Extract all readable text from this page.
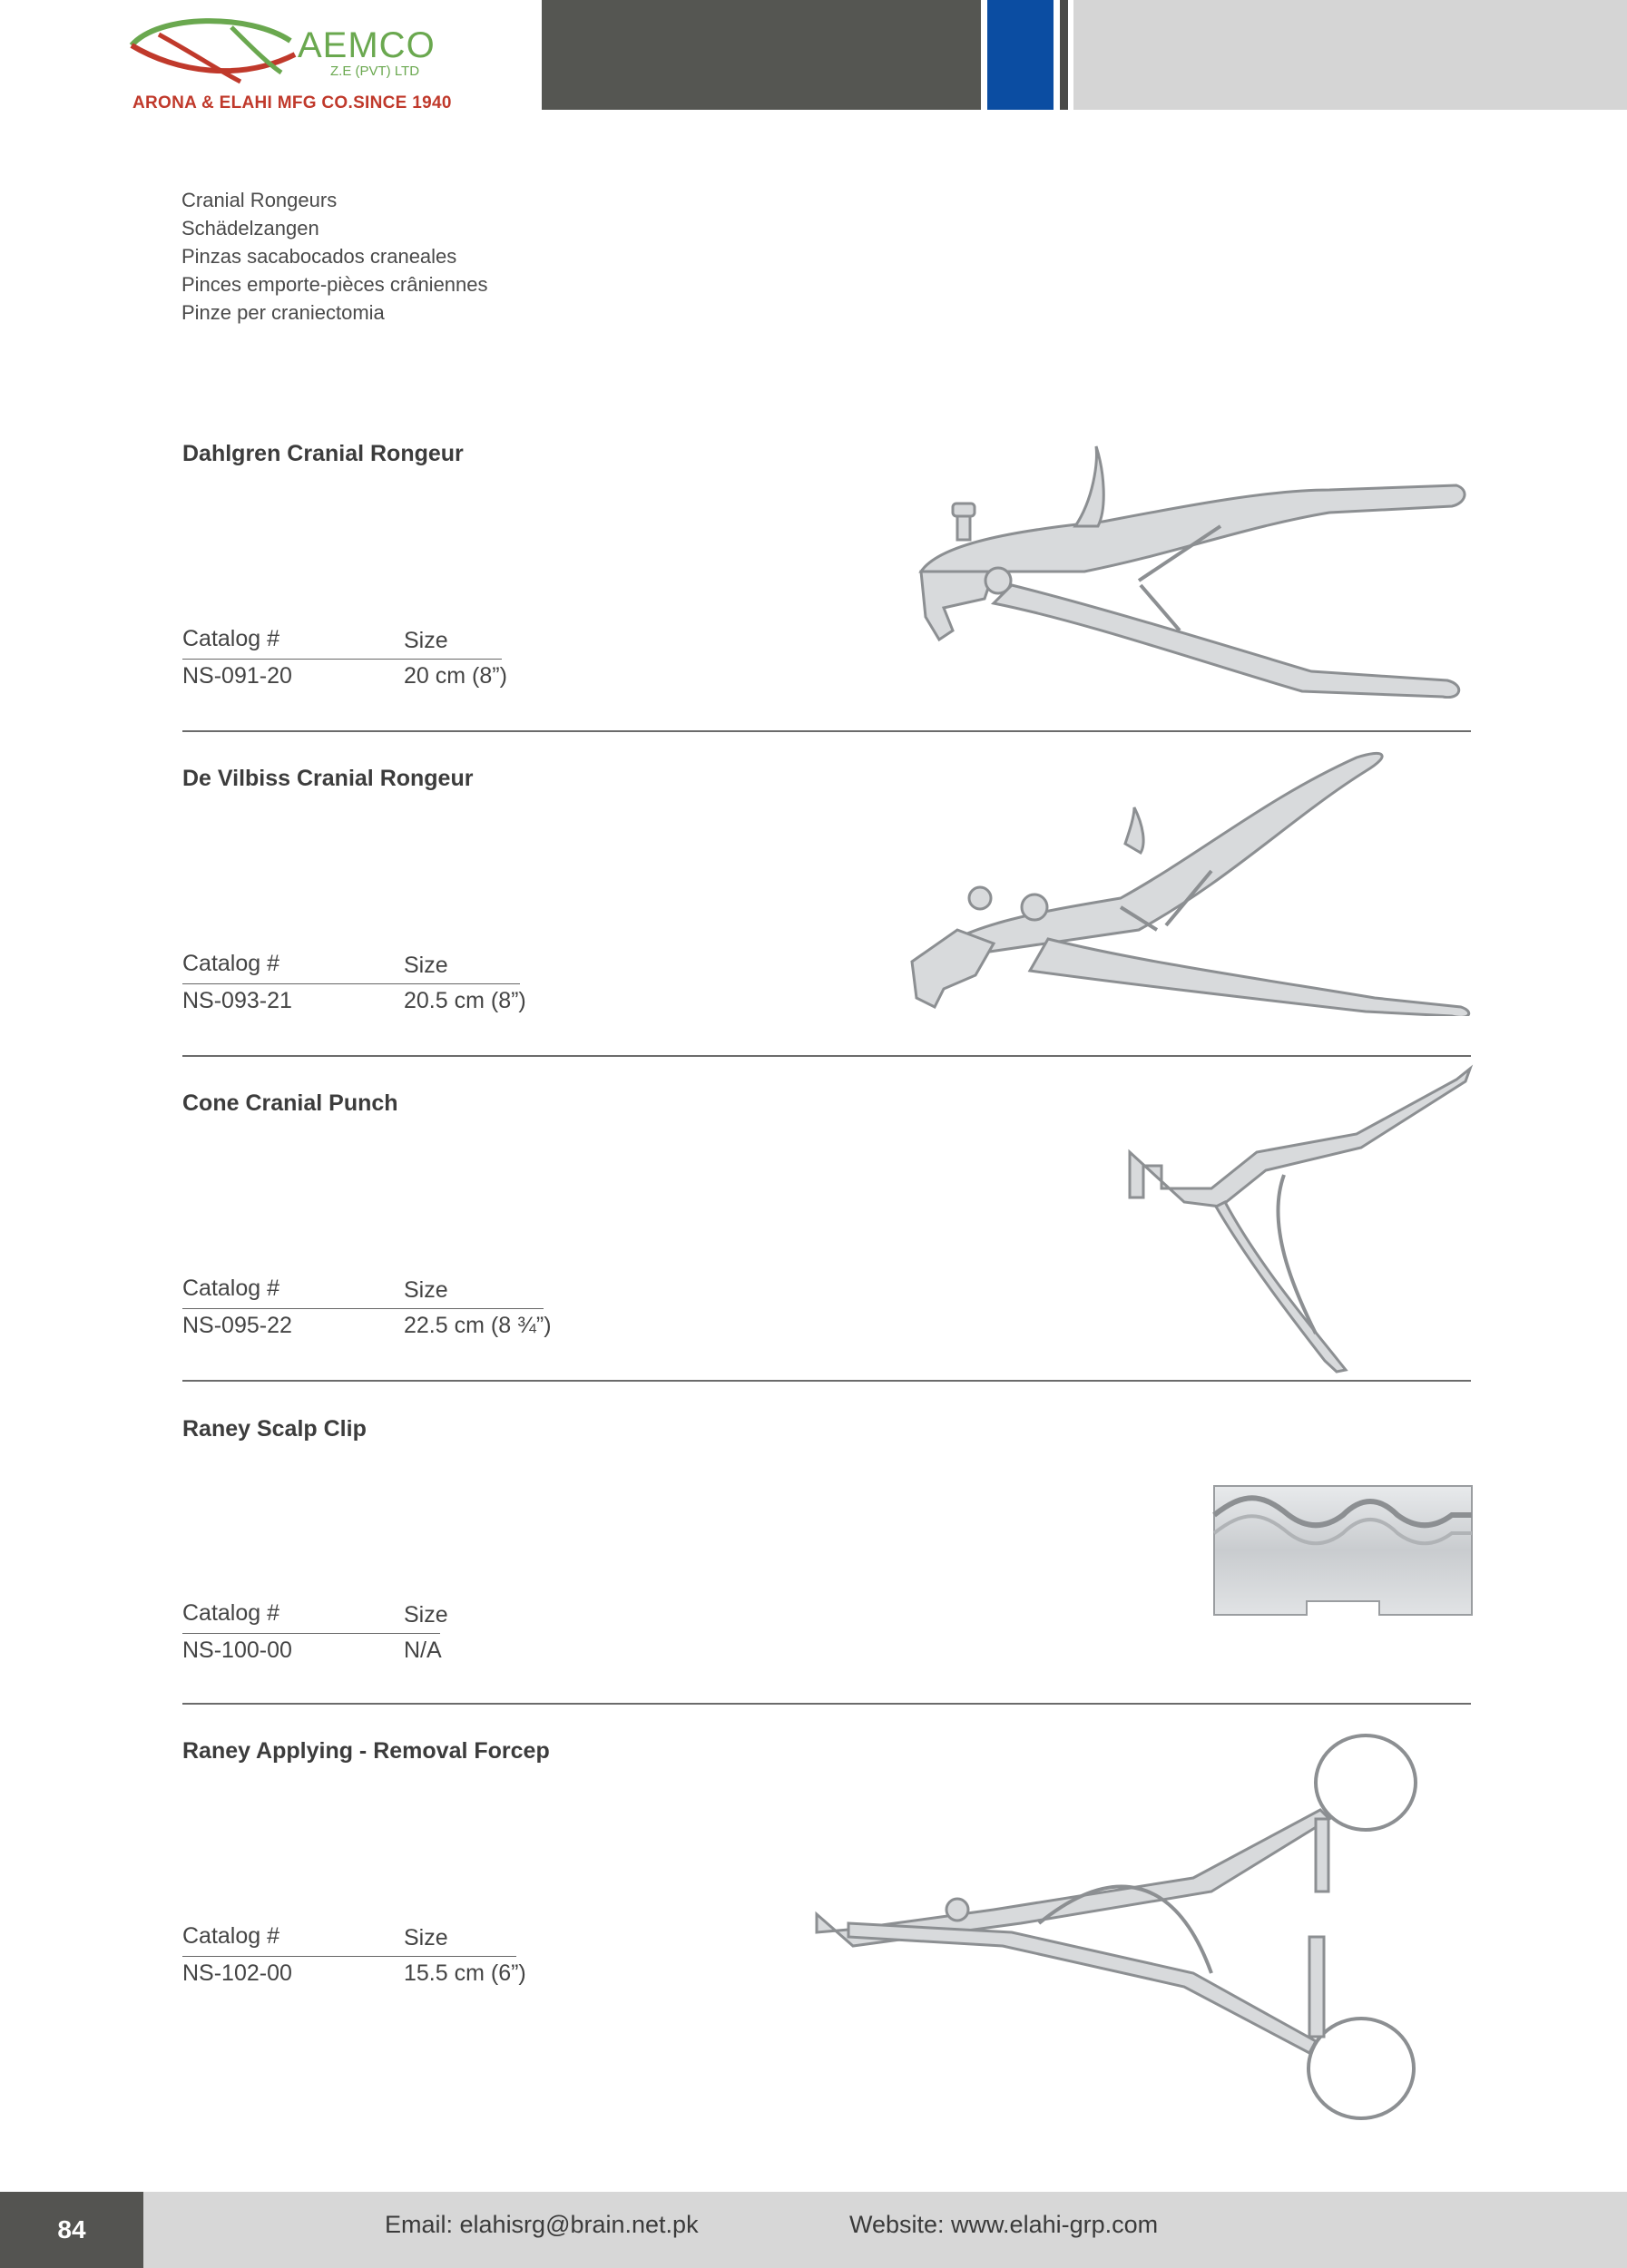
AEMCO
Z.E (PVT) LTD
ARONA & ELAHI MFG CO.SINCE 1940
Cranial Rongeurs
Schädelzangen
Pinzas sacabocados craneales
Pinces emporte-pièces crâniennes
Pinze per craniectomia
Dahlgren Cranial Rongeur
Catalog #	Size
NS-091-20	20 cm (8”)
De Vilbiss Cranial Rongeur
Catalog #	Size
NS-093-21	20.5 cm (8”)
Cone Cranial Punch
Catalog #	Size
NS-095-22	22.5 cm (8 ¾”)
Raney Scalp Clip
Catalog #	Size
NS-100-00	N/A
Raney Applying - Removal Forcep
Catalog #	Size
NS-102-00	15.5 cm (6”)
84	Email: elahisrg@brain.net.pk	Website: www.elahi-grp.com
